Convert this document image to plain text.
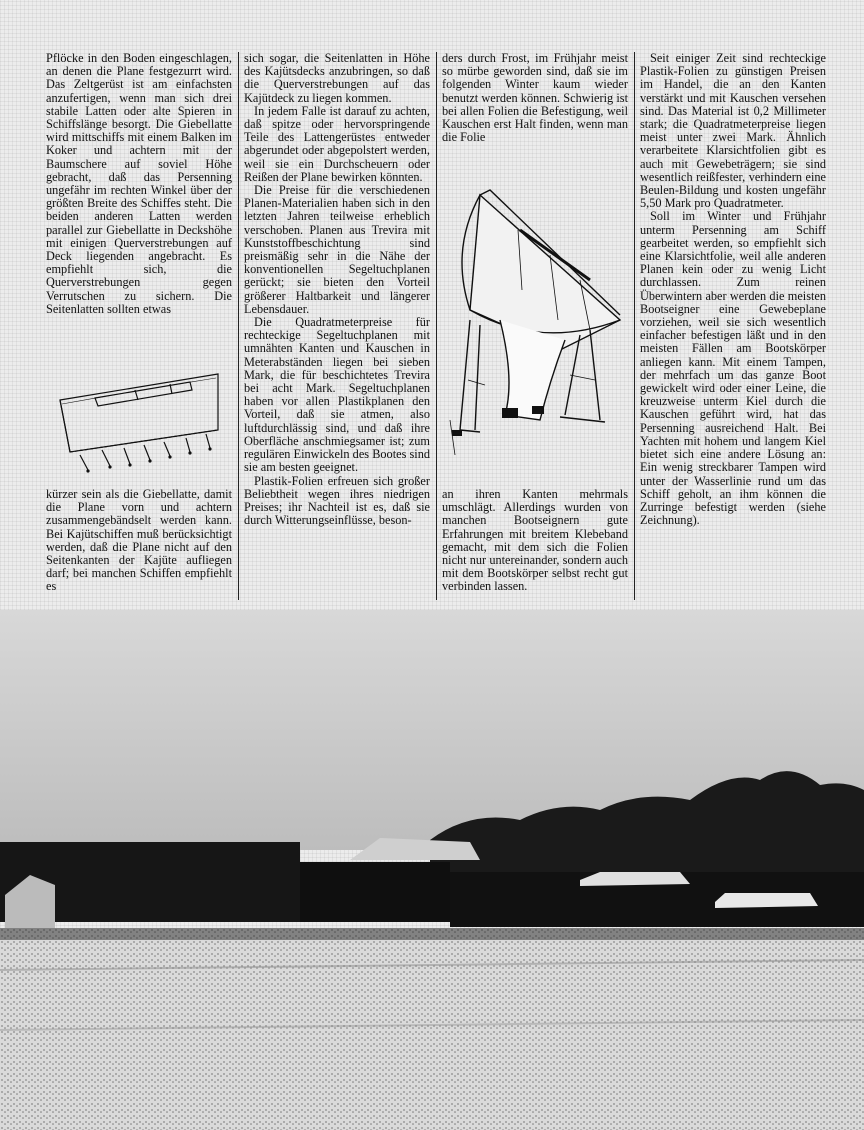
Pflöcke in den Boden eingeschlagen, an denen die Plane festgezurrt wird. Das Zeltgerüst ist am einfachsten anzufertigen, wenn man sich drei stabile Latten oder alte Spieren in Schiffslänge besorgt. Die Giebellatte wird mittschiffs mit einem Balken im Koker und achtern mit der Baumschere auf soviel Höhe gebracht, daß das Persenning ungefähr im rechten Winkel über der größten Breite des Schiffes steht. Die beiden anderen Latten werden parallel zur Giebellatte in Deckshöhe mit einigen Querverstrebungen auf Deck liegenden angebracht. Es empfiehlt sich, die Querverstrebungen gegen Verrutschen zu sichern. Die Seitenlatten sollten etwas

kürzer sein als die Giebellatte, damit die Plane vorn und achtern zusammengebändselt werden kann. Bei Kajütschiffen muß berücksichtigt werden, daß die Plane nicht auf den Seitenkanten der Kajüte aufliegen darf; bei manchen Schiffen empfiehlt es

sich sogar, die Seitenlatten in Höhe des Kajütsdecks anzubringen, so daß die Querverstrebungen auf das Kajütdeck zu liegen kommen.

In jedem Falle ist darauf zu achten, daß spitze oder hervorspringende Teile des Lattengerüstes entweder abgerundet oder abgepolstert werden, weil sie ein Durchscheuern oder Reißen der Plane bewirken könnten.

Die Preise für die verschiedenen Planen-Materialien haben sich in den letzten Jahren teilweise erheblich verschoben. Planen aus Trevira mit Kunststoffbeschichtung sind preismäßig sehr in die Nähe der konventionellen Segeltuchplanen gerückt; sie bieten den Vorteil größerer Haltbarkeit und längerer Lebensdauer.

Die Quadratmeterpreise für rechteckige Segeltuchplanen mit umnähten Kanten und Kauschen in Meterabständen liegen bei sieben Mark, die für beschichtetes Trevira bei acht Mark. Segeltuchplanen haben vor allen Plastikplanen den Vorteil, daß sie atmen, also luftdurchlässig sind, und daß ihre Oberfläche anschmiegsamer ist; zum regulären Einwickeln des Bootes sind sie am besten geeignet.

Plastik-Folien erfreuen sich großer Beliebtheit wegen ihres niedrigen Preises; ihr Nachteil ist es, daß sie durch Witterungseinflüsse, beson-

ders durch Frost, im Frühjahr meist so mürbe geworden sind, daß sie im folgenden Winter kaum wieder benutzt werden können. Schwierig ist bei allen Folien die Befestigung, weil Kauschen erst Halt finden, wenn man die Folie

an ihren Kanten mehrmals umschlägt. Allerdings wurden von manchen Bootseignern gute Erfahrungen mit breitem Klebeband gemacht, mit dem sich die Folien nicht nur untereinander, sondern auch mit dem Bootskörper selbst recht gut verbinden lassen.

Seit einiger Zeit sind rechteckige Plastik-Folien zu günstigen Preisen im Handel, die an den Kanten verstärkt und mit Kauschen versehen sind. Das Material ist 0,2 Millimeter stark; die Quadratmeterpreise liegen meist unter zwei Mark. Ähnlich verarbeitete Klarsichtfolien gibt es auch mit Gewebeträgern; sie sind wesentlich reißfester, verhindern eine Beulen-Bildung und kosten ungefähr 5,50 Mark pro Quadratmeter.

Soll im Winter und Frühjahr unterm Persenning am Schiff gearbeitet werden, so empfiehlt sich eine Klarsichtfolie, weil alle anderen Planen kein oder zu wenig Licht durchlassen. Zum reinen Überwintern aber werden die meisten Bootseigner eine Gewebeplane vorziehen, weil sie sich wesentlich einfacher befestigen läßt und in den meisten Fällen am Bootskörper anliegen kann. Mit einem Tampen, der mehrfach um das ganze Boot gewickelt wird oder einer Leine, die kreuzweise unterm Kiel durch die Kauschen geführt wird, hat das Persenning ausreichend Halt. Bei Yachten mit hohem und langem Kiel bietet sich eine andere Lösung an: Ein wenig streckbarer Tampen wird unter der Wasserlinie rund um das Schiff geholt, an ihm können die Zurringe befestigt werden (siehe Zeichnung).
